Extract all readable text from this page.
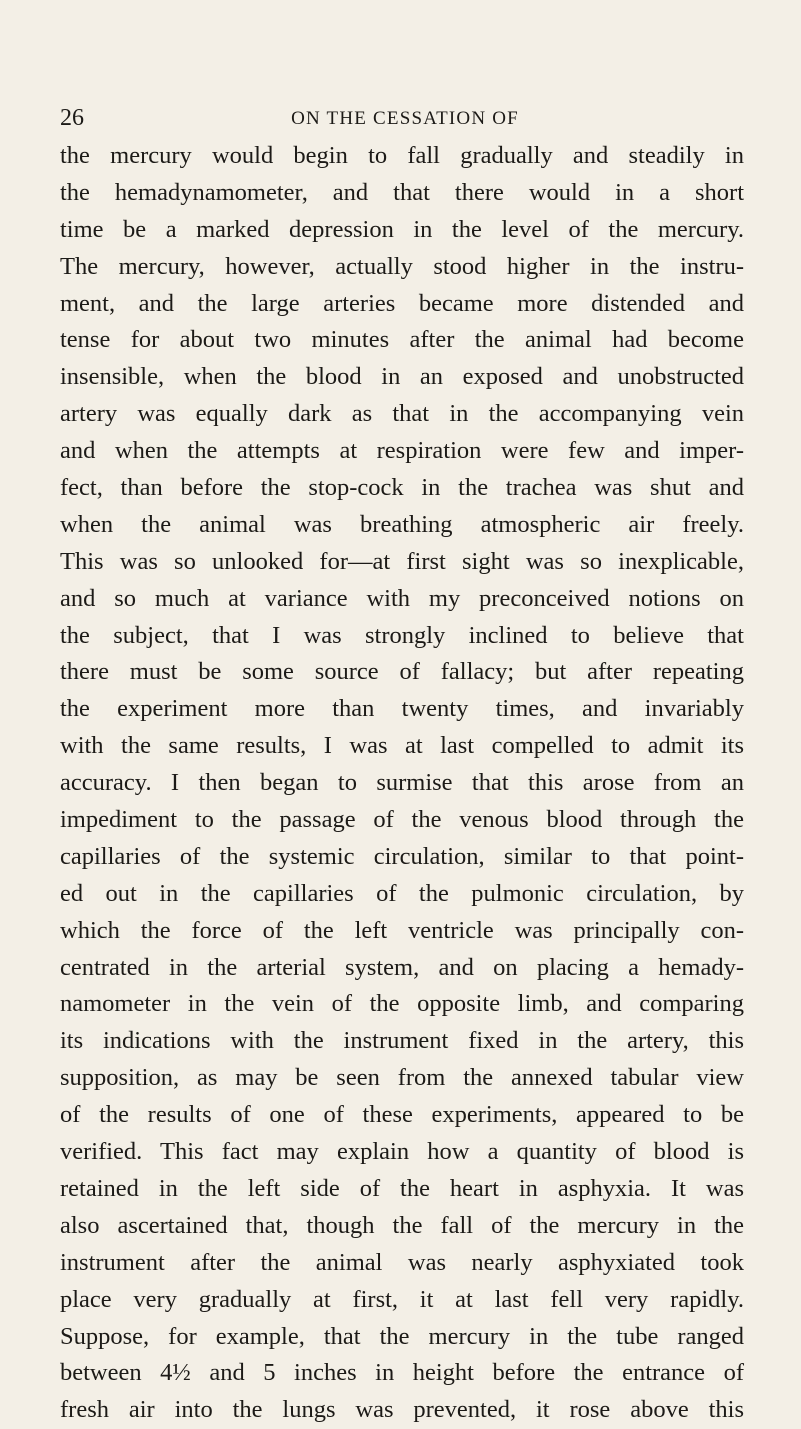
26	ON THE CESSATION OF
the mercury would begin to fall gradually and steadily in
the hemadynamometer, and that there would in a short
time be a marked depression in the level of the mercury.
The mercury, however, actually stood higher in the instru-
ment, and the large arteries became more distended and
tense for about two minutes after the animal had become
insensible, when the blood in an exposed and unobstructed
artery was equally dark as that in the accompanying vein
and when the attempts at respiration were few and imper-
fect, than before the stop-cock in the trachea was shut and
when the animal was breathing atmospheric air freely.
This was so unlooked for—at first sight was so inexplicable,
and so much at variance with my preconceived notions on
the subject, that I was strongly inclined to believe that
there must be some source of fallacy; but after repeating
the experiment more than twenty times, and invariably
with the same results, I was at last compelled to admit its
accuracy. I then began to surmise that this arose from an
impediment to the passage of the venous blood through the
capillaries of the systemic circulation, similar to that point-
ed out in the capillaries of the pulmonic circulation, by
which the force of the left ventricle was principally con-
centrated in the arterial system, and on placing a hemady-
namometer in the vein of the opposite limb, and comparing
its indications with the instrument fixed in the artery, this
supposition, as may be seen from the annexed tabular view
of the results of one of these experiments, appeared to be
verified. This fact may explain how a quantity of blood is
retained in the left side of the heart in asphyxia. It was
also ascertained that, though the fall of the mercury in the
instrument after the animal was nearly asphyxiated took
place very gradually at first, it at last fell very rapidly.
Suppose, for example, that the mercury in the tube ranged
between 4½ and 5 inches in height before the entrance of
fresh air into the lungs was prevented, it rose above this
